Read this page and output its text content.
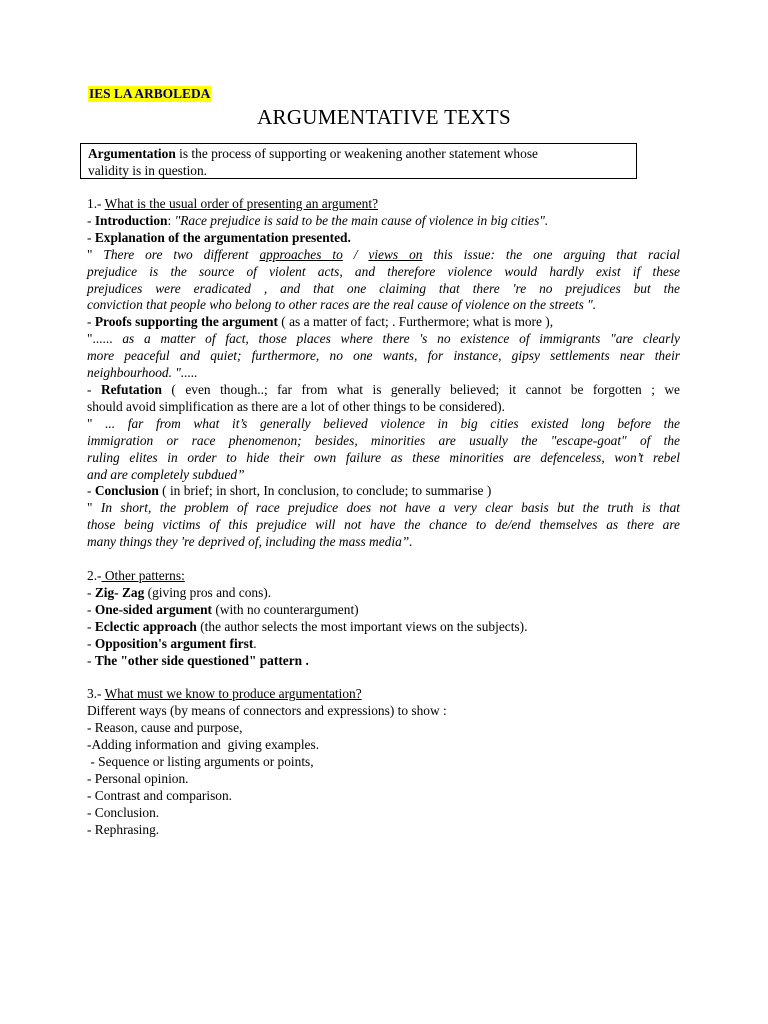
IES LA ARBOLEDA
ARGUMENTATIVE TEXTS
Argumentation is the process of supporting or weakening another statement whose
validity is in question.
1.- What is the usual order of presenting an argument?
- Introduction: "Race prejudice is said to be the main cause of violence in big cities".
- Explanation of the argumentation presented.
" There ore two different approaches to / views on this issue: the one arguing that racial
prejudice is the source of violent acts, and therefore violence would hardly exist if these
prejudices were eradicated , and that one claiming that there 're no prejudices but the
conviction that people who belong to other races are the real cause of violence on the streets ".
- Proofs supporting the argument ( as a matter of fact; . Furthermore; what is more ),
"...... as a matter of fact, those places where there 's no existence of immigrants "are clearly
more peaceful and quiet; furthermore, no one wants, for instance, gipsy settlements near their
neighbourhood. ".....
- Refutation ( even though..; far from what is generally believed; it cannot be forgotten ; we
should avoid simplification as there are a lot of other things to be considered).
" ... far from what it’s generally believed violence in big cities existed long before the
immigration or race phenomenon; besides, minorities are usually the "escape-goat" of the
ruling elites in order to hide their own failure as these minorities are defenceless, won’t rebel
and are completely subdued”
- Conclusion ( in brief; in short, In conclusion, to conclude; to summarise )
" In short, the problem of race prejudice does not have a very clear basis but the truth is that
those being victims of this prejudice will not have the chance to de/end themselves as there are
many things they 're deprived of, including the mass media”.
2.- Other patterns:
- Zig- Zag (giving pros and cons).
- One-sided argument (with no counterargument)
- Eclectic approach (the author selects the most important views on the subjects).
- Opposition's argument first.
- The "other side questioned" pattern .
3.- What must we know to produce argumentation?
Different ways (by means of connectors and expressions) to show :
- Reason, cause and purpose,
-Adding information and  giving examples.
- Sequence or listing arguments or points,
- Personal opinion.
- Contrast and comparison.
- Conclusion.
- Rephrasing.
